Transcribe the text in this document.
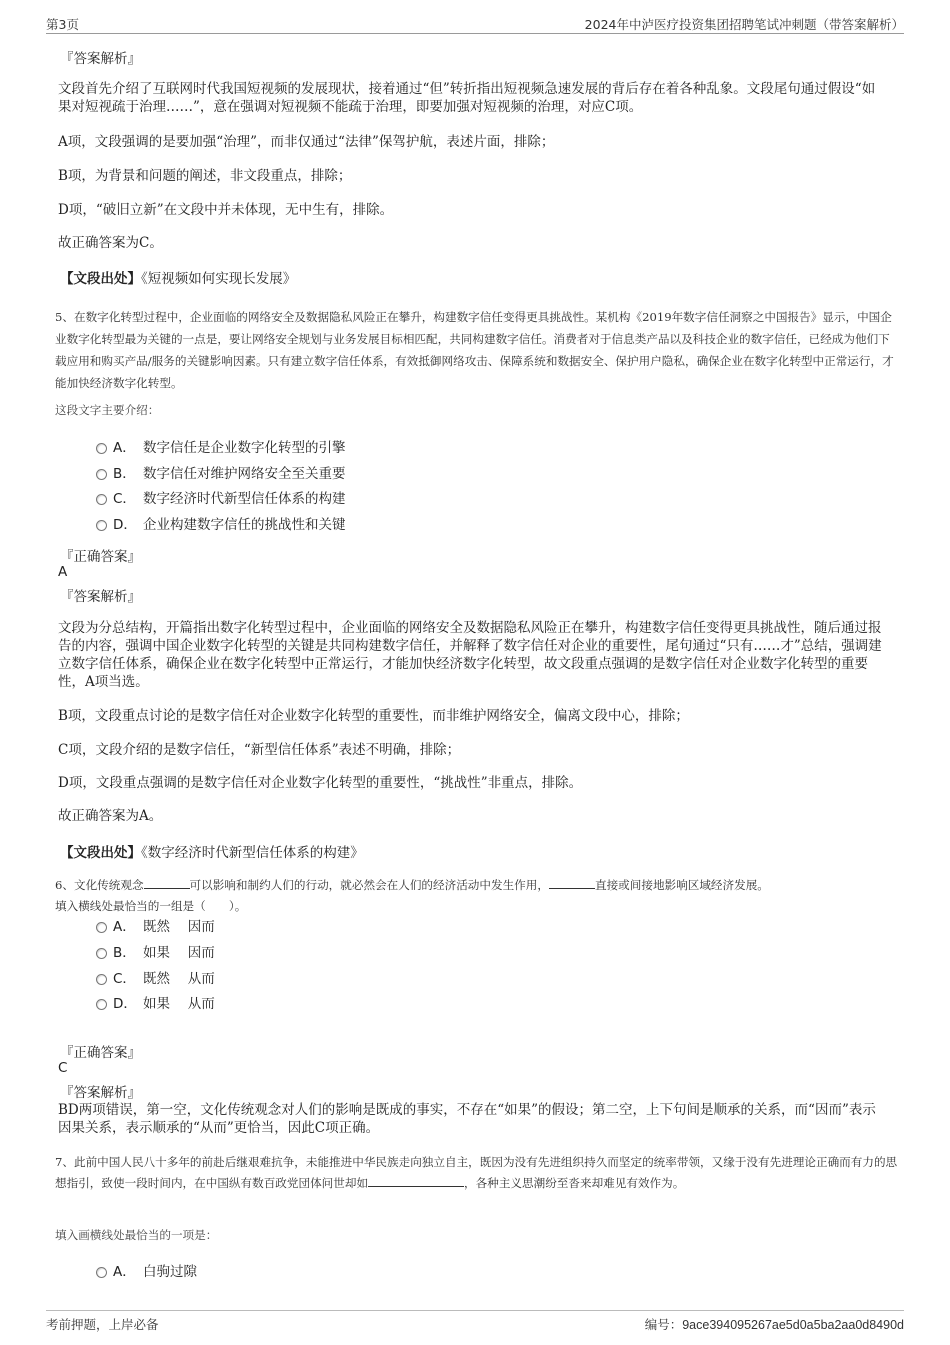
第3页	2024年中泸医疗投资集团招聘笔试冲刺题（带答案解析）
『答案解析』

文段首先介绍了互联网时代我国短视频的发展现状，接着通过“但”转折指出短视频急速发展的背后存在着各种乱象。文段尾句通过假设“如果对短视疏于治理……”，意在强调对短视频不能疏于治理，即要加强对短视频的治理，对应C项。

A项，文段强调的是要加强“治理”，而非仅通过“法律”保驾护航，表述片面，排除；

B项，为背景和问题的阐述，非文段重点，排除；

D项，“破旧立新”在文段中并未体现，无中生有，排除。

故正确答案为C。

【文段出处】《短视频如何实现长发展》

5、在数字化转型过程中，企业面临的网络安全及数据隐私风险正在攀升，构建数字信任变得更具挑战性。某机构《2019年数字信任洞察之中国报告》显示，中国企业数字化转型最为关键的一点是，要让网络安全规划与业务发展目标相匹配，共同构建数字信任。消费者对于信息类产品以及科技企业的数字信任，已经成为他们下载应用和购买产品/服务的关键影响因素。只有建立数字信任体系，有效抵御网络攻击、保障系统和数据安全、保护用户隐私，确保企业在数字化转型中正常运行，才能加快经济数字化转型。

这段文字主要介绍：
A． 数字信任是企业数字化转型的引擎
B． 数字信任对维护网络安全至关重要
C． 数字经济时代新型信任体系的构建
D． 企业构建数字信任的挑战性和关键
『正确答案』
A
『答案解析』

文段为分总结构，开篇指出数字化转型过程中，企业面临的网络安全及数据隐私风险正在攀升，构建数字信任变得更具挑战性，随后通过报告的内容，强调中国企业数字化转型的关键是共同构建数字信任，并解释了数字信任对企业的重要性，尾句通过“只有……才”总结，强调建立数字信任体系，确保企业在数字化转型中正常运行，才能加快经济数字化转型，故文段重点强调的是数字信任对企业数字化转型的重要性，A项当选。

B项，文段重点讨论的是数字信任对企业数字化转型的重要性，而非维护网络安全，偏离文段中心，排除；

C项，文段介绍的是数字信任，“新型信任体系”表述不明确，排除；

D项，文段重点强调的是数字信任对企业数字化转型的重要性，“挑战性”非重点，排除。

故正确答案为A。

【文段出处】《数字经济时代新型信任体系的构建》

6、文化传统观念	可以影响和制约人们的行动，就必然会在人们的经济活动中发生作用，	直接或间接地影响区域经济发展。
填入横线处最恰当的一组是（　　）。

A． 既然　 因而
B． 如果　 因而
C． 既然　 从而
D． 如果　 从而
『正确答案』
C
『答案解析』

BD两项错误，第一空，文化传统观念对人们的影响是既成的事实，不存在“如果”的假设；第二空，上下句间是顺承的关系，而“因而”表示因果关系，表示顺承的“从而”更恰当，因此C项正确。

7、此前中国人民八十多年的前赴后继艰难抗争，未能推进中华民族走向独立自主，既因为没有先进组织持久而坚定的统率带领，又缘于没有先进理论正确而有力的思想指引，致使一段时间内，在中国纵有数百政党団体问世却如	，各种主义思潮纷至沓来却难见有效作为。

填入画横线处最恰当的一项是：
A． 白驹过隙
考前押题，上岸必备	编号：9ace394095267ae5d0a5ba2aa0d8490d
